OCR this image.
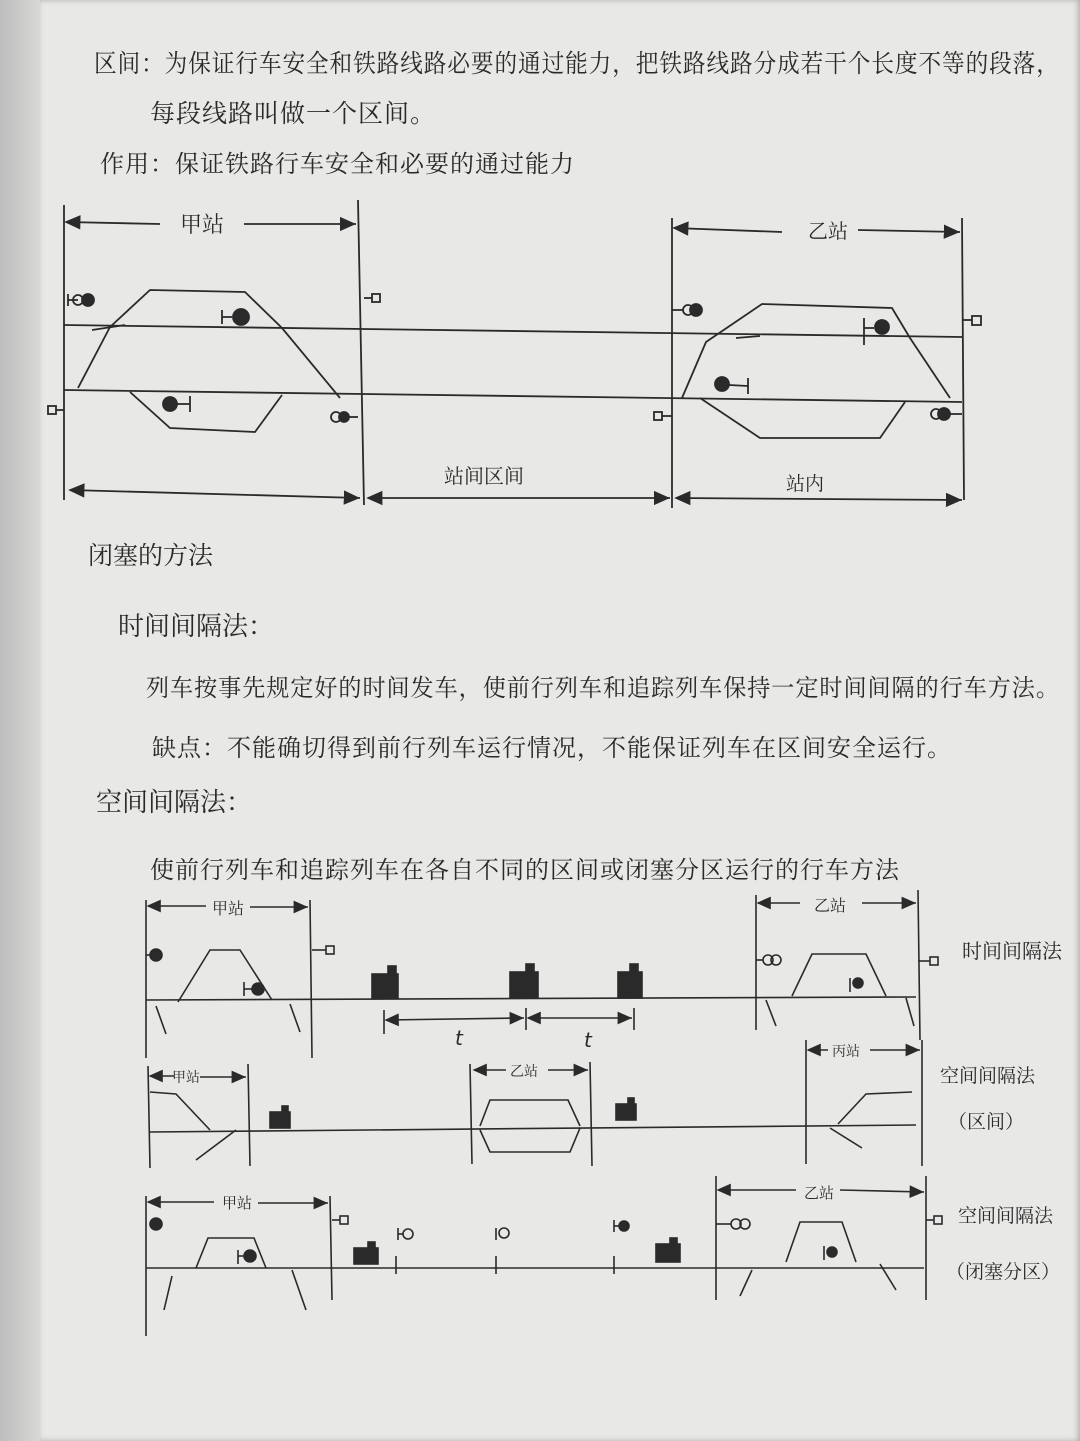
区间：为保证行车安全和铁路线路必要的通过能力，把铁路线路分成若干个长度不等的段落，
每段线路叫做一个区间。
作用：保证铁路行车安全和必要的通过能力
闭塞的方法
时间间隔法：
列车按事先规定好的时间发车，使前行列车和追踪列车保持一定时间间隔的行车方法。
缺点：不能确切得到前行列车运行情况，不能保证列车在区间安全运行。
空间间隔法：
使前行列车和追踪列车在各自不同的区间或闭塞分区运行的行车方法
甲站	乙站
站间区间	站内
甲站	乙站
t	t
时间间隔法
甲站	乙站
丙站
空间间隔法
（区间）
甲站
乙站
空间间隔法
（闭塞分区）
